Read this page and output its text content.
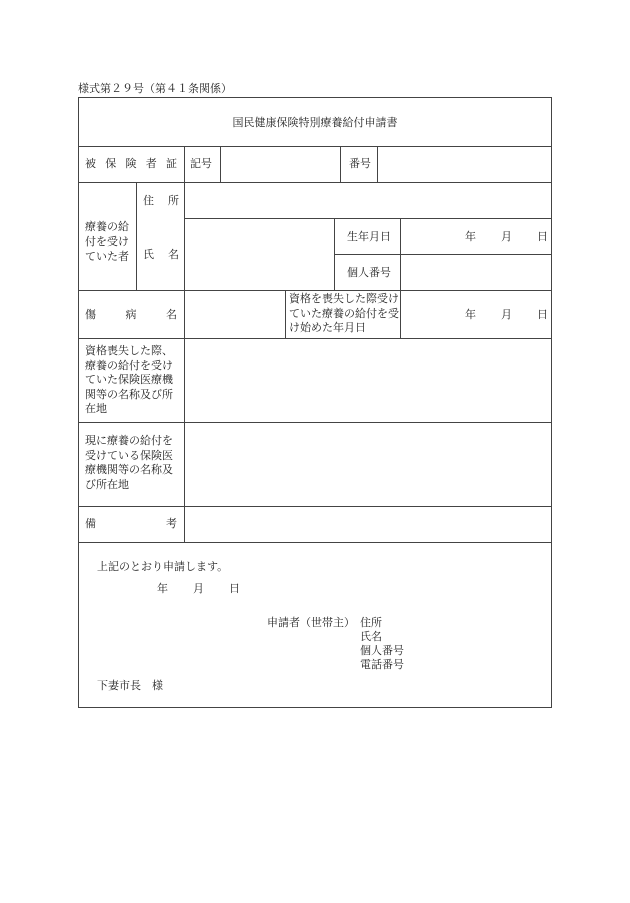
様式第２９号（第４１条関係）
国民健康保険特別療養給付申請書
被保険者証 記号	番号
療養の給付を受けていた者
住所
氏名
生年月日	年 月 日
個人番号
傷病名
資格を喪失した際受けていた療養の給付を受け始めた年月日
年 月 日
資格喪失した際、療養の給付を受けていた保険医療機関等の名称及び所在地
現に療養の給付を受けている保険医療機関等の名称及び所在地
備考
上記のとおり申請します。
年 月 日
申請者（世帯主） 住所
氏名
個人番号
電話番号
下妻市長　様
